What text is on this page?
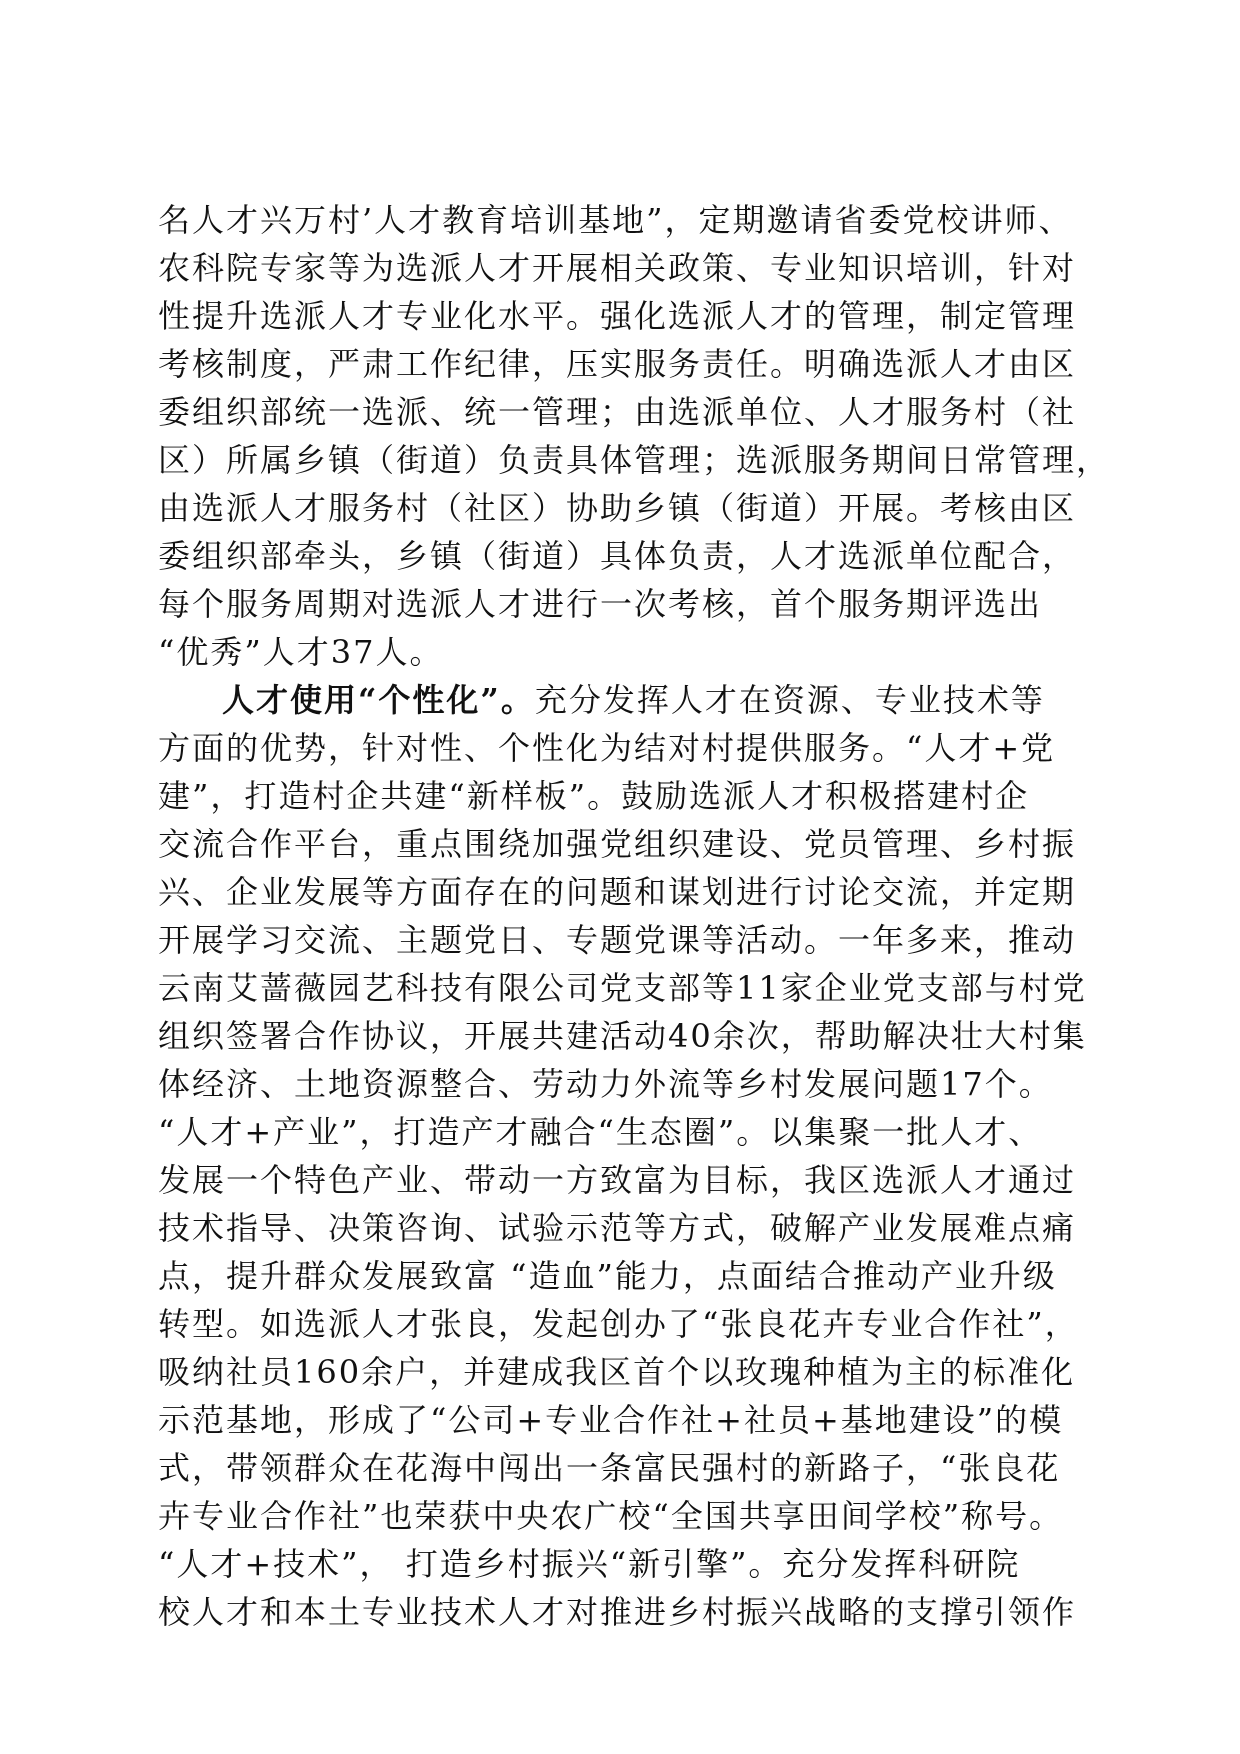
名人才兴万村’人才教育培训基地”，定期邀请省委党校讲师、
农科院专家等为选派人才开展相关政策、专业知识培训，针对
性提升选派人才专业化水平。强化选派人才的管理，制定管理
考核制度，严肃工作纪律，压实服务责任。明确选派人才由区
委组织部统一选派、统一管理；由选派单位、人才服务村（社
区）所属乡镇（街道）负责具体管理；选派服务期间日常管理，
由选派人才服务村（社区）协助乡镇（街道）开展。考核由区
委组织部牵头，乡镇（街道）具体负责，人才选派单位配合，
每个服务周期对选派人才进行一次考核，首个服务期评选出
“优秀”人才37人。
人才使用“个性化”。充分发挥人才在资源、专业技术等
方面的优势，针对性、个性化为结对村提供服务。“人才+党
建”，打造村企共建“新样板”。鼓励选派人才积极搭建村企
交流合作平台，重点围绕加强党组织建设、党员管理、乡村振
兴、企业发展等方面存在的问题和谋划进行讨论交流，并定期
开展学习交流、主题党日、专题党课等活动。一年多来，推动
云南艾蔷薇园艺科技有限公司党支部等11家企业党支部与村党
组织签署合作协议，开展共建活动40余次，帮助解决壮大村集
体经济、土地资源整合、劳动力外流等乡村发展问题17个。
“人才+产业”，打造产才融合“生态圈”。以集聚一批人才、
发展一个特色产业、带动一方致富为目标，我区选派人才通过
技术指导、决策咨询、试验示范等方式，破解产业发展难点痛
点，提升群众发展致富 “造血”能力，点面结合推动产业升级
转型。如选派人才张良，发起创办了“张良花卉专业合作社”，
吸纳社员160余户，并建成我区首个以玫瑰种植为主的标准化
示范基地，形成了“公司+专业合作社+社员+基地建设”的模
式，带领群众在花海中闯出一条富民强村的新路子，“张良花
卉专业合作社”也荣获中央农广校“全国共享田间学校”称号。
“人才+技术”， 打造乡村振兴“新引擎”。充分发挥科研院
校人才和本土专业技术人才对推进乡村振兴战略的支撑引领作
